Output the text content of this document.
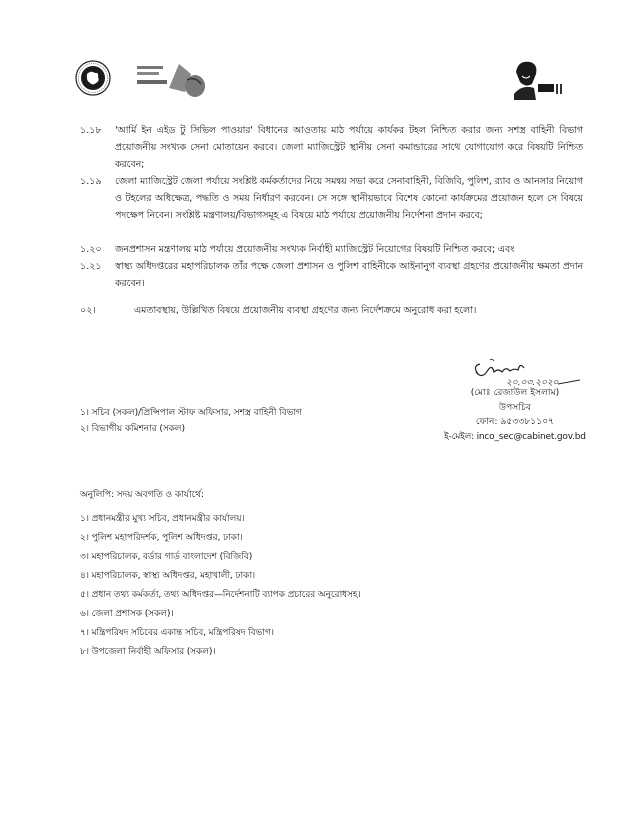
১.১৮ 'আর্মি ইন এইড টু সিভিল পাওয়ার' বিধানের আওতায় মাঠ পর্যায়ে কার্যকর টহল নিশ্চিত করার জন্য সশস্ত্র বাহিনী বিভাগ প্রয়োজনীয় সংখ্যক সেনা মোতায়েন করবে। জেলা ম্যাজিস্ট্রেট স্থানীয় সেনা কমান্ডারের সাথে যোগাযোগ করে বিষয়টি নিশ্চিত করবেন;
১.১৯ জেলা ম্যাজিস্ট্রেট জেলা পর্যায়ে সংশ্লিষ্ট কর্মকর্তাদের নিয়ে সমন্বয় সভা করে সেনাবাহিনী, বিজিবি, পুলিশ, র‍্যাব ও আনসার নিয়োগ ও টহলের অধিক্ষেত্র, পদ্ধতি ও সময় নির্ধারণ করবেন। সে সঙ্গে স্থানীয়ভাবে বিশেষ কোনো কার্যক্রমের প্রয়োজন হলে সে বিষয়ে পদক্ষেপ নিবেন। সংশ্লিষ্ট মন্ত্রণালয়/বিভাগসমূহ এ বিষয়ে মাঠ পর্যায়ে প্রয়োজনীয় নির্দেশনা প্রদান করবে;
১.২০ জনপ্রশাসন মন্ত্রণালয় মাঠ পর্যায়ে প্রয়োজনীয় সংখ্যক নির্বাহী ম্যাজিস্ট্রেট নিয়োগের বিষয়টি নিশ্চিত করবে; এবং
১.২১ স্বাস্থ্য অধিদপ্তরের মহাপরিচালক তাঁর পক্ষে জেলা প্রশাসন ও পুলিশ বাহিনীকে আইনানুগ ব্যবস্থা গ্রহণের প্রয়োজনীয় ক্ষমতা প্রদান করবেন।
০২।	এমতাবস্থায়, উল্লিখিত বিষয়ে প্রয়োজনীয় ব্যবস্থা গ্রহণের জন্য নির্দেশক্রমে অনুরোধ করা হলো।
২০.০৩.২০২০
(মোঃ রেজাউল ইসলাম)
উপসচিব
ফোন: ৯৫৩৩৮১১০৭
ই-মেইল: inco_sec@cabinet.gov.bd
১। সচিব (সকল)/প্রিন্সিপাল স্টাফ অফিসার, সশস্ত্র বাহিনী বিভাগ
২। বিভাগীয় কমিশনার (সকল)
অনুলিপি: সদয় অবগতি ও কার্যার্থে:
১। প্রধানমন্ত্রীর মুখ্য সচিব, প্রধানমন্ত্রীর কার্যালয়।
২। পুলিশ মহাপরিদর্শক, পুলিশ অধিদপ্তর, ঢাকা।
৩। মহাপরিচালক, বর্ডার গার্ড বাংলাদেশ (বিজিবি)
৪। মহাপরিচালক, স্বাস্থ্য অধিদপ্তর, মহাখালী, ঢাকা।
৫। প্রধান তথ্য কর্মকর্তা, তথ্য অধিদপ্তর—নির্দেশনাটি ব্যাপক প্রচারের অনুরোধসহ।
৬। জেলা প্রশাসক (সকল)।
৭। মন্ত্রিপরিষদ সচিবের একান্ত সচিব, মন্ত্রিপরিষদ বিভাগ।
৮। উপজেলা নির্বাহী অফিসার (সকল)।
